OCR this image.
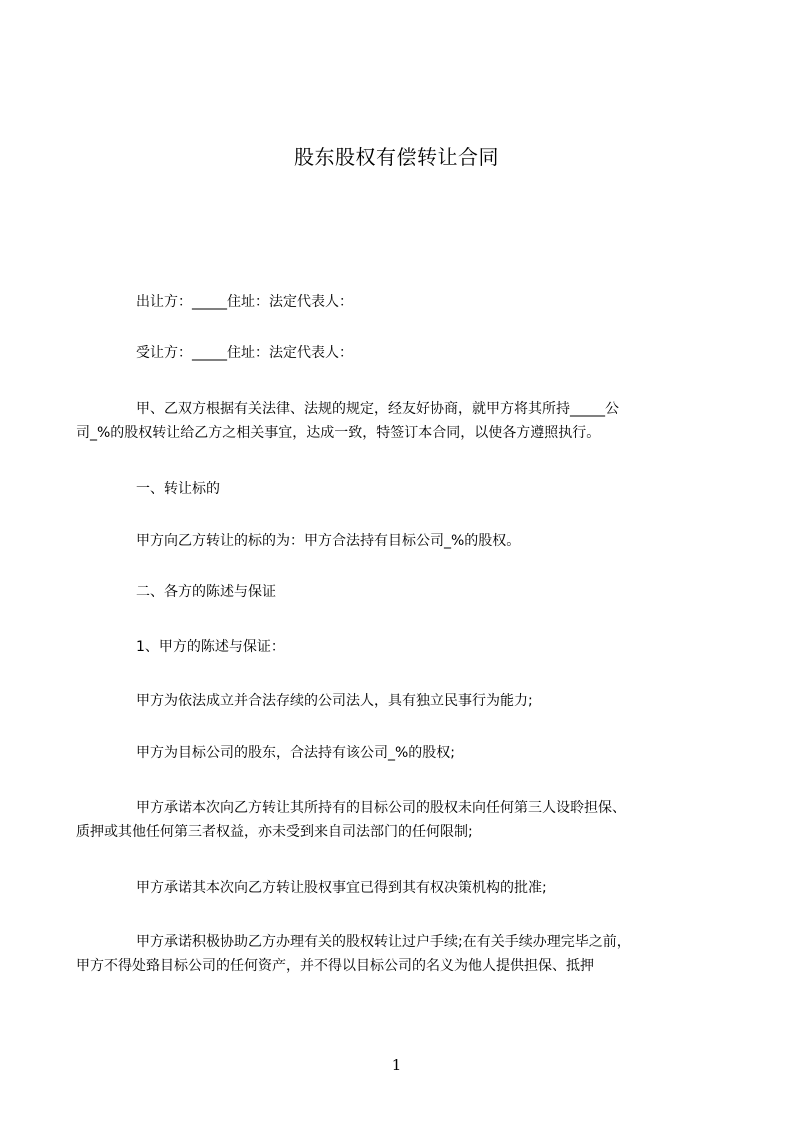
股东股权有偿转让合同
出让方：_____住址：法定代表人：
受让方：_____住址：法定代表人：
甲、乙双方根据有关法律、法规的规定，经友好协商，就甲方将其所持_____公
司_%的股权转让给乙方之相关事宜，达成一致，特签订本合同，以使各方遵照执行。
一、转让标的
甲方向乙方转让的标的为：甲方合法持有目标公司_%的股权。
二、各方的陈述与保证
1、甲方的陈述与保证：
甲方为依法成立并合法存续的公司法人，具有独立民事行为能力;
甲方为目标公司的股东，合法持有该公司_%的股权;
甲方承诺本次向乙方转让其所持有的目标公司的股权未向任何第三人设聆担保、
质押或其他任何第三者权益，亦未受到来自司法部门的任何限制;
甲方承诺其本次向乙方转让股权事宜已得到其有权决策机构的批准;
甲方承诺积极协助乙方办理有关的股权转让过户手续;在有关手续办理完毕之前，
甲方不得处臵目标公司的任何资产，并不得以目标公司的名义为他人提供担保、抵押
1
